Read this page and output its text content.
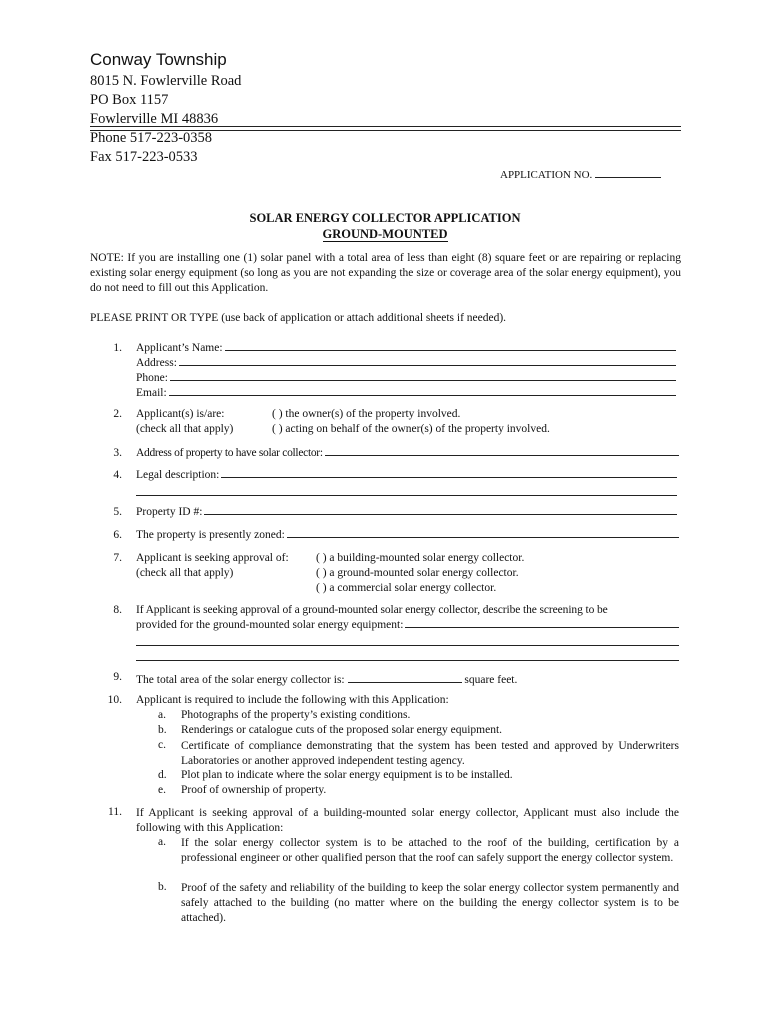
Conway Township
8015 N. Fowlerville Road
PO Box 1157
Fowlerville MI 48836
Phone 517-223-0358
Fax 517-223-0533
APPLICATION NO.
SOLAR ENERGY COLLECTOR APPLICATION
GROUND-MOUNTED
NOTE: If you are installing one (1) solar panel with a total area of less than eight (8) square feet or are repairing or replacing existing solar energy equipment (so long as you are not expanding the size or coverage area of the solar energy equipment), you do not need to fill out this Application.
PLEASE PRINT OR TYPE (use back of application or attach additional sheets if needed).
1. Applicant’s Name:
Address:
Phone:
Email:
2. Applicant(s) is/are:
(check all that apply)
( ) the owner(s) of the property involved.
( ) acting on behalf of the owner(s) of the property involved.
3. Address of property to have solar collector:
4. Legal description:
5. Property ID #:
6. The property is presently zoned:
7. Applicant is seeking approval of:
(check all that apply)
( ) a building-mounted solar energy collector.
( ) a ground-mounted solar energy collector.
( ) a commercial solar energy collector.
8. If Applicant is seeking approval of a ground-mounted solar energy collector, describe the screening to be
provided for the ground-mounted solar energy equipment:
9. The total area of the solar energy collector is:	square feet.
10. Applicant is required to include the following with this Application:
a. Photographs of the property’s existing conditions.
b. Renderings or catalogue cuts of the proposed solar energy equipment.
c. Certificate of compliance demonstrating that the system has been tested and approved by Underwriters Laboratories or another approved independent testing agency.
d. Plot plan to indicate where the solar energy equipment is to be installed.
e. Proof of ownership of property.
11. If Applicant is seeking approval of a building-mounted solar energy collector, Applicant must also include the following with this Application:
a. If the solar energy collector system is to be attached to the roof of the building, certification by a professional engineer or other qualified person that the roof can safely support the energy collector system.
b. Proof of the safety and reliability of the building to keep the solar energy collector system permanently and safely attached to the building (no matter where on the building the energy collector system is to be attached).
